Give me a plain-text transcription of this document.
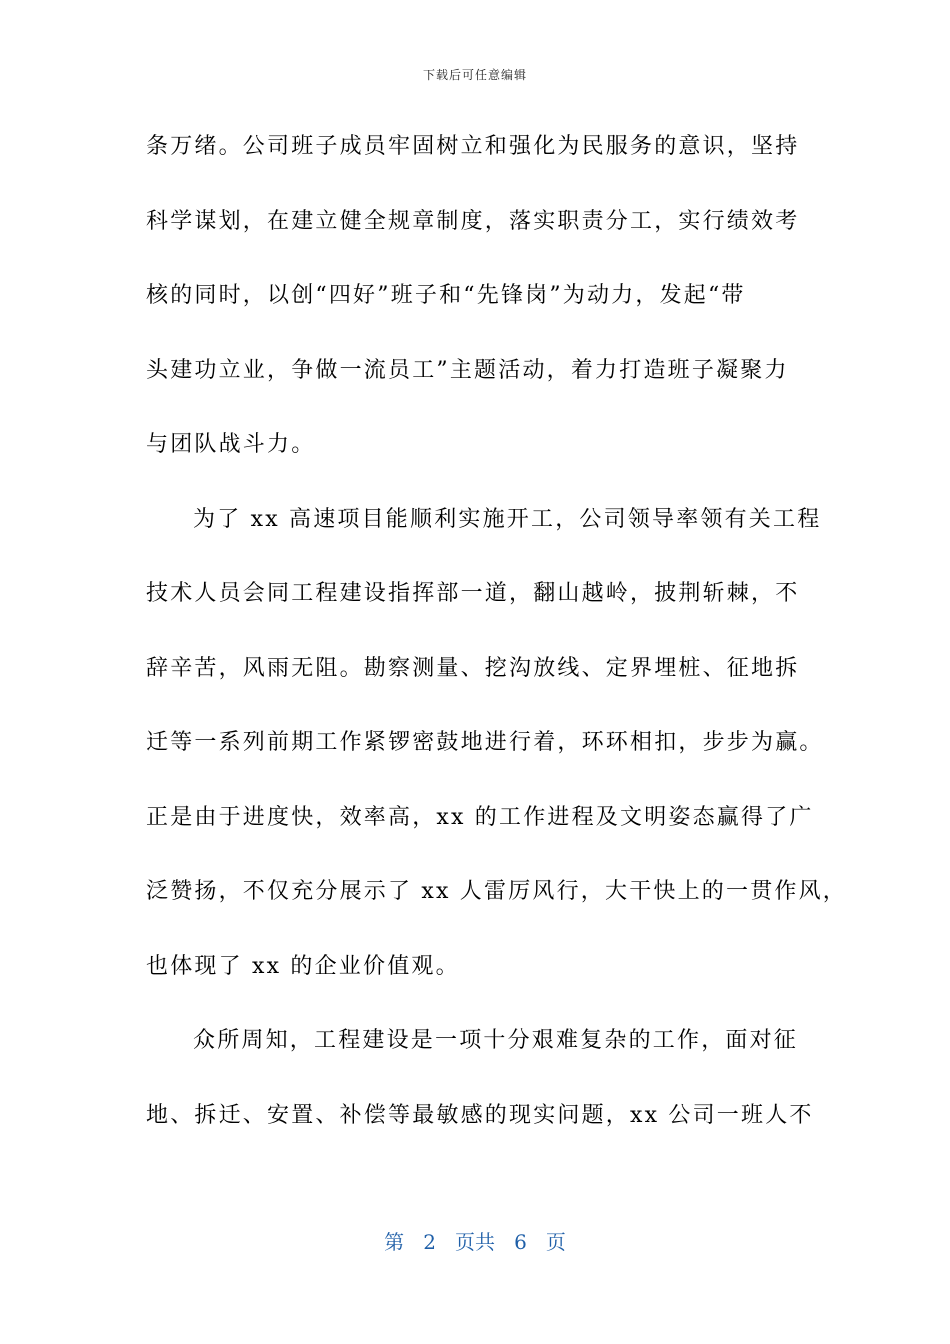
下载后可任意编辑
条万绪。公司班子成员牢固树立和强化为民服务的意识，坚持
科学谋划，在建立健全规章制度，落实职责分工，实行绩效考
核的同时，以创“四好”班子和“先锋岗”为动力，发起“带
头建功立业，争做一流员工”主题活动，着力打造班子凝聚力
与团队战斗力。
为了 xx 高速项目能顺利实施开工，公司领导率领有关工程
技术人员会同工程建设指挥部一道，翻山越岭，披荆斩棘，不
辞辛苦，风雨无阻。勘察测量、挖沟放线、定界埋桩、征地拆
迁等一系列前期工作紧锣密鼓地进行着，环环相扣，步步为赢。
正是由于进度快，效率高，xx 的工作进程及文明姿态赢得了广
泛赞扬，不仅充分展示了 xx 人雷厉风行，大干快上的一贯作风，
也体现了 xx 的企业价值观。
众所周知，工程建设是一项十分艰难复杂的工作，面对征
地、拆迁、安置、补偿等最敏感的现实问题，xx 公司一班人不
第 2 页共 6 页
